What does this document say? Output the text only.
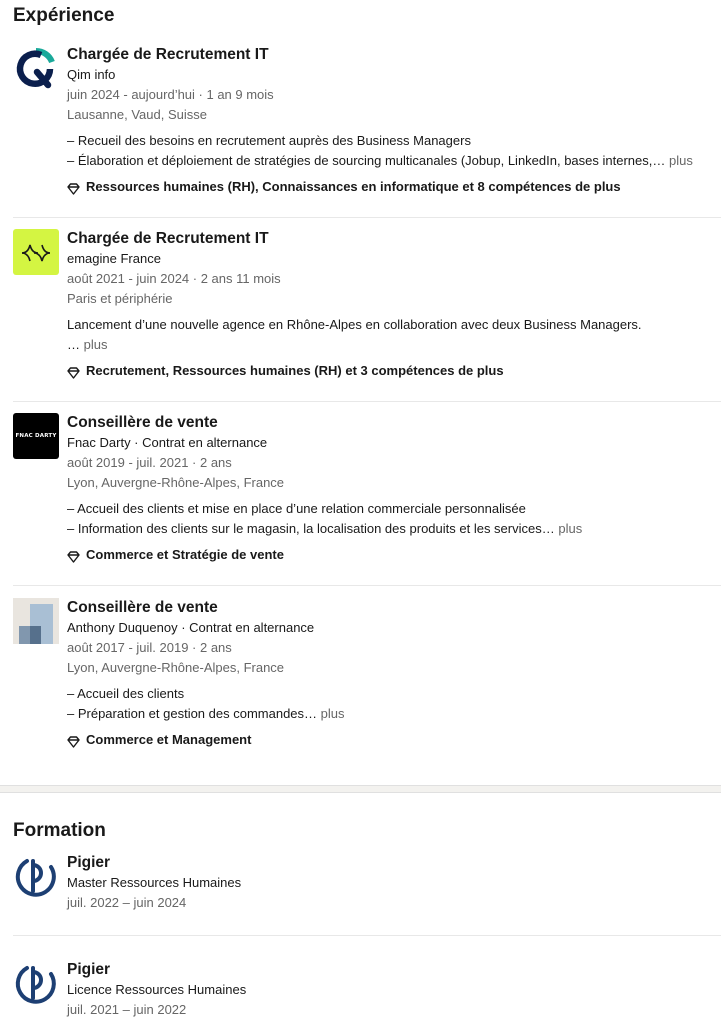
Expérience
Chargée de Recrutement IT
Qim info
juin 2024 - aujourd’hui · 1 an 9 mois
Lausanne, Vaud, Suisse
– Recueil des besoins en recrutement auprès des Business Managers
– Élaboration et déploiement de stratégies de sourcing multicanales (Jobup, LinkedIn, bases internes,… plus
Ressources humaines (RH), Connaissances en informatique et 8 compétences de plus
Chargée de Recrutement IT
emagine France
août 2021 - juin 2024 · 2 ans 11 mois
Paris et périphérie
Lancement d’une nouvelle agence en Rhône-Alpes en collaboration avec deux Business Managers.
… plus
Recrutement, Ressources humaines (RH) et 3 compétences de plus
FNAC DARTY
Conseillère de vente
Fnac Darty · Contrat en alternance
août 2019 - juil. 2021 · 2 ans
Lyon, Auvergne-Rhône-Alpes, France
– Accueil des clients et mise en place d’une relation commerciale personnalisée
– Information des clients sur le magasin, la localisation des produits et les services… plus
Commerce et Stratégie de vente
Conseillère de vente
Anthony Duquenoy · Contrat en alternance
août 2017 - juil. 2019 · 2 ans
Lyon, Auvergne-Rhône-Alpes, France
– Accueil des clients
– Préparation et gestion des commandes… plus
Commerce et Management
Formation
Pigier
Master Ressources Humaines
juil. 2022 – juin 2024
Pigier
Licence Ressources Humaines
juil. 2021 – juin 2022
